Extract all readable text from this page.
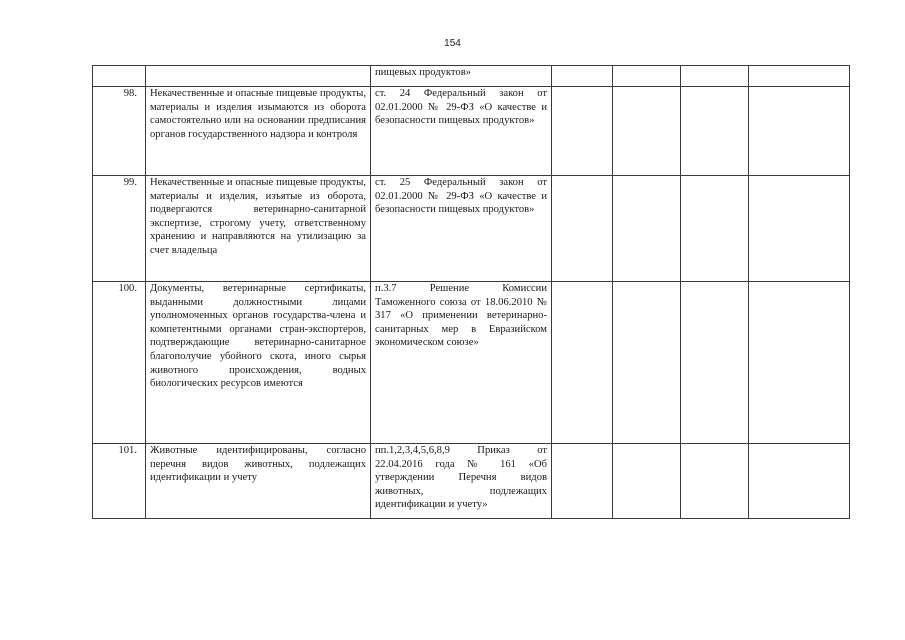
154
		пищевых продуктов»				
98.	Некачественные и опасные пищевые продукты, материалы и изделия изымаются из оборота самостоятельно или на основании предписания органов государственного надзора и контроля	ст. 24 Федеральный закон от 02.01.2000 № 29-ФЗ «О качестве и безопасности пищевых продуктов»				
99.	Некачественные и опасные пищевые продукты, материалы и изделия, изъятые из оборота, подвергаются ветеринарно-санитарной экспертизе, строгому учету, ответственному хранению и направляются на утилизацию за счет владельца	ст. 25 Федеральный закон от 02.01.2000 № 29-ФЗ «О качестве и безопасности пищевых продуктов»				
100.	Документы, ветеринарные сертификаты, выданными должностными лицами уполномоченных органов государства-члена и компетентными органами стран-экспортеров, подтверждающие ветеринарно-санитарное благополучие убойного скота, иного сырья животного происхождения, водных биологических ресурсов имеются	п.3.7 Решение Комиссии Таможенного союза от 18.06.2010 № 317 «О применении ветеринарно-санитарных мер в Евразийском экономическом союзе»				
101.	Животные идентифицированы, согласно перечня видов животных, подлежащих идентификации и учету	пп.1,2,3,4,5,6,8,9 Приказ от 22.04.2016 года № 161 «Об утверждении Перечня видов животных, подлежащих идентификации и учету»				
